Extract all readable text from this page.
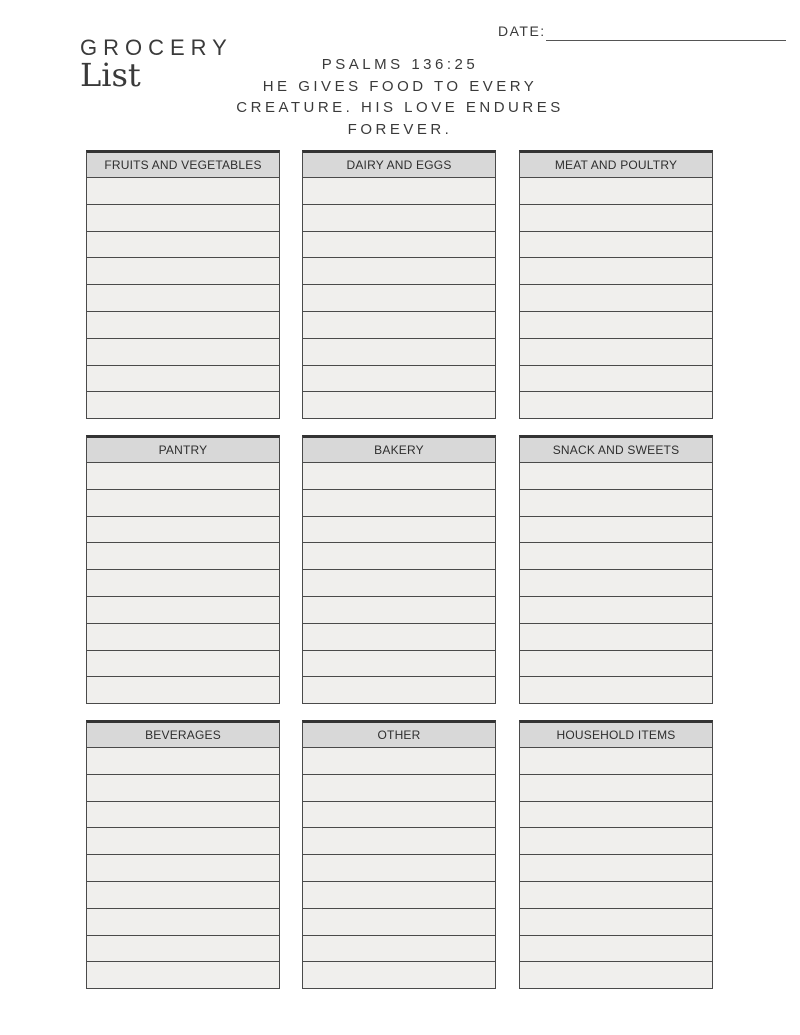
DATE:
GROCERY
List	PSALMS 136:25
HE GIVES FOOD TO EVERY
CREATURE. HIS LOVE ENDURES
FOREVER.
FRUITS AND VEGETABLES	DAIRY AND EGGS	MEAT AND POULTRY
PANTRY	BAKERY	SNACK AND SWEETS
BEVERAGES	OTHER	HOUSEHOLD ITEMS
